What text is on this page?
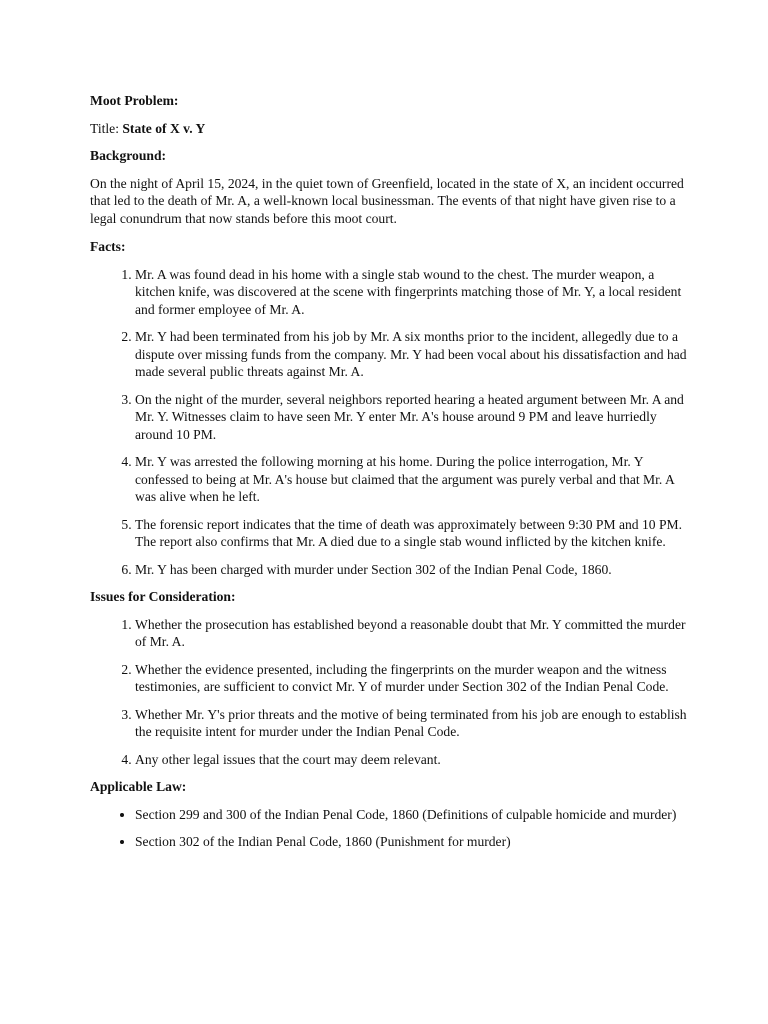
Moot Problem:

Title: State of X v. Y

Background:

On the night of April 15, 2024, in the quiet town of Greenfield, located in the state of X, an incident occurred that led to the death of Mr. A, a well-known local businessman. The events of that night have given rise to a legal conundrum that now stands before this moot court.

Facts:

1. Mr. A was found dead in his home with a single stab wound to the chest. The murder weapon, a kitchen knife, was discovered at the scene with fingerprints matching those of Mr. Y, a local resident and former employee of Mr. A.
2. Mr. Y had been terminated from his job by Mr. A six months prior to the incident, allegedly due to a dispute over missing funds from the company. Mr. Y had been vocal about his dissatisfaction and had made several public threats against Mr. A.
3. On the night of the murder, several neighbors reported hearing a heated argument between Mr. A and Mr. Y. Witnesses claim to have seen Mr. Y enter Mr. A's house around 9 PM and leave hurriedly around 10 PM.
4. Mr. Y was arrested the following morning at his home. During the police interrogation, Mr. Y confessed to being at Mr. A's house but claimed that the argument was purely verbal and that Mr. A was alive when he left.
5. The forensic report indicates that the time of death was approximately between 9:30 PM and 10 PM. The report also confirms that Mr. A died due to a single stab wound inflicted by the kitchen knife.
6. Mr. Y has been charged with murder under Section 302 of the Indian Penal Code, 1860.

Issues for Consideration:

1. Whether the prosecution has established beyond a reasonable doubt that Mr. Y committed the murder of Mr. A.
2. Whether the evidence presented, including the fingerprints on the murder weapon and the witness testimonies, are sufficient to convict Mr. Y of murder under Section 302 of the Indian Penal Code.
3. Whether Mr. Y's prior threats and the motive of being terminated from his job are enough to establish the requisite intent for murder under the Indian Penal Code.
4. Any other legal issues that the court may deem relevant.

Applicable Law:

• Section 299 and 300 of the Indian Penal Code, 1860 (Definitions of culpable homicide and murder)
• Section 302 of the Indian Penal Code, 1860 (Punishment for murder)
